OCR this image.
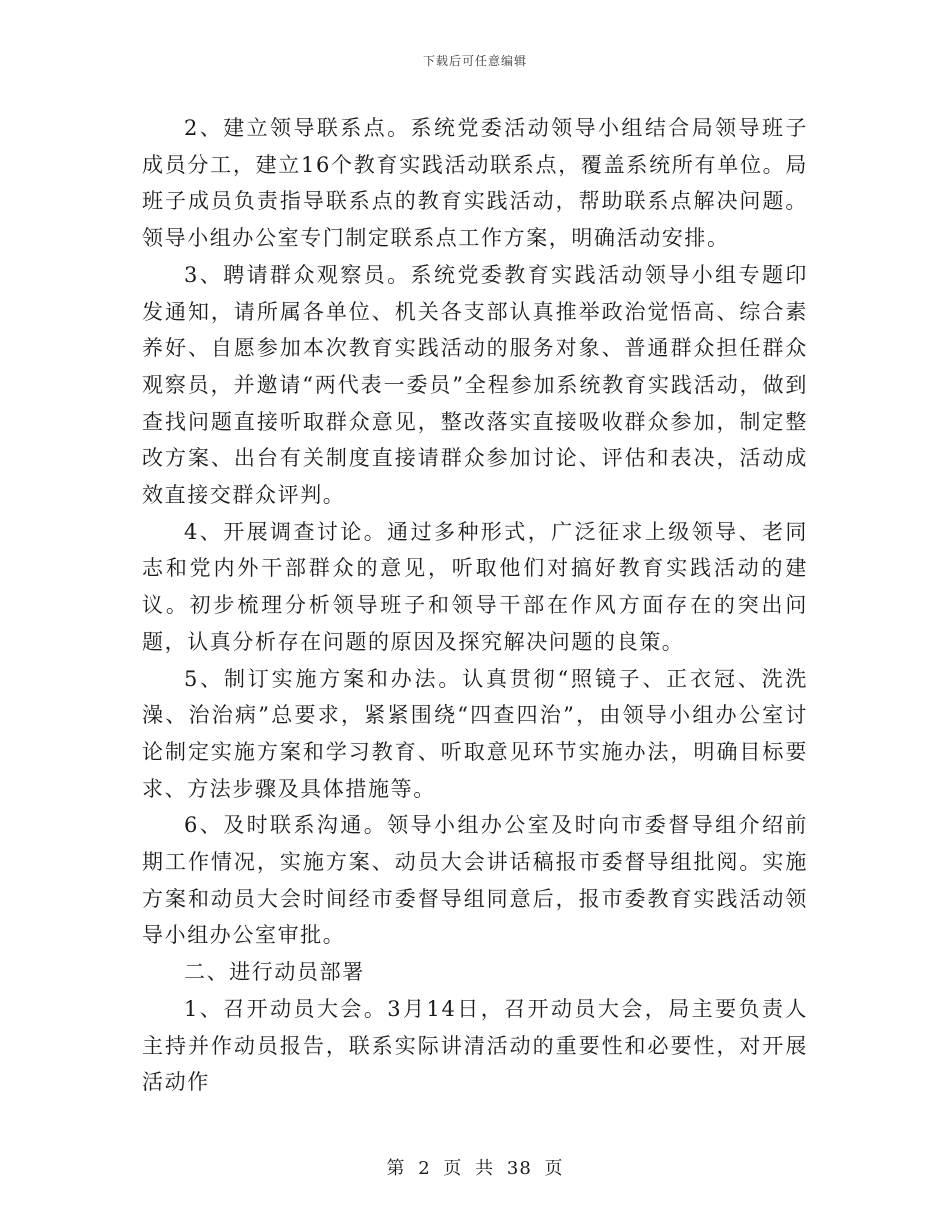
下载后可任意编辑

2、建立领导联系点。系统党委活动领导小组结合局领导班子成员分工，建立16个教育实践活动联系点，覆盖系统所有单位。局班子成员负责指导联系点的教育实践活动，帮助联系点解决问题。领导小组办公室专门制定联系点工作方案，明确活动安排。

3、聘请群众观察员。系统党委教育实践活动领导小组专题印发通知，请所属各单位、机关各支部认真推举政治觉悟高、综合素养好、自愿参加本次教育实践活动的服务对象、普通群众担任群众观察员，并邀请“两代表一委员”全程参加系统教育实践活动，做到查找问题直接听取群众意见，整改落实直接吸收群众参加，制定整改方案、出台有关制度直接请群众参加讨论、评估和表决，活动成效直接交群众评判。

4、开展调查讨论。通过多种形式，广泛征求上级领导、老同志和党内外干部群众的意见，听取他们对搞好教育实践活动的建议。初步梳理分析领导班子和领导干部在作风方面存在的突出问题，认真分析存在问题的原因及探究解决问题的良策。

5、制订实施方案和办法。认真贯彻“照镜子、正衣冠、洗洗澡、治治病”总要求，紧紧围绕“四查四治”，由领导小组办公室讨论制定实施方案和学习教育、听取意见环节实施办法，明确目标要求、方法步骤及具体措施等。

6、及时联系沟通。领导小组办公室及时向市委督导组介绍前期工作情况，实施方案、动员大会讲话稿报市委督导组批阅。实施方案和动员大会时间经市委督导组同意后，报市委教育实践活动领导小组办公室审批。

二、进行动员部署

1、召开动员大会。3月14日，召开动员大会，局主要负责人主持并作动员报告，联系实际讲清活动的重要性和必要性，对开展活动作

第 2 页 共 38 页
